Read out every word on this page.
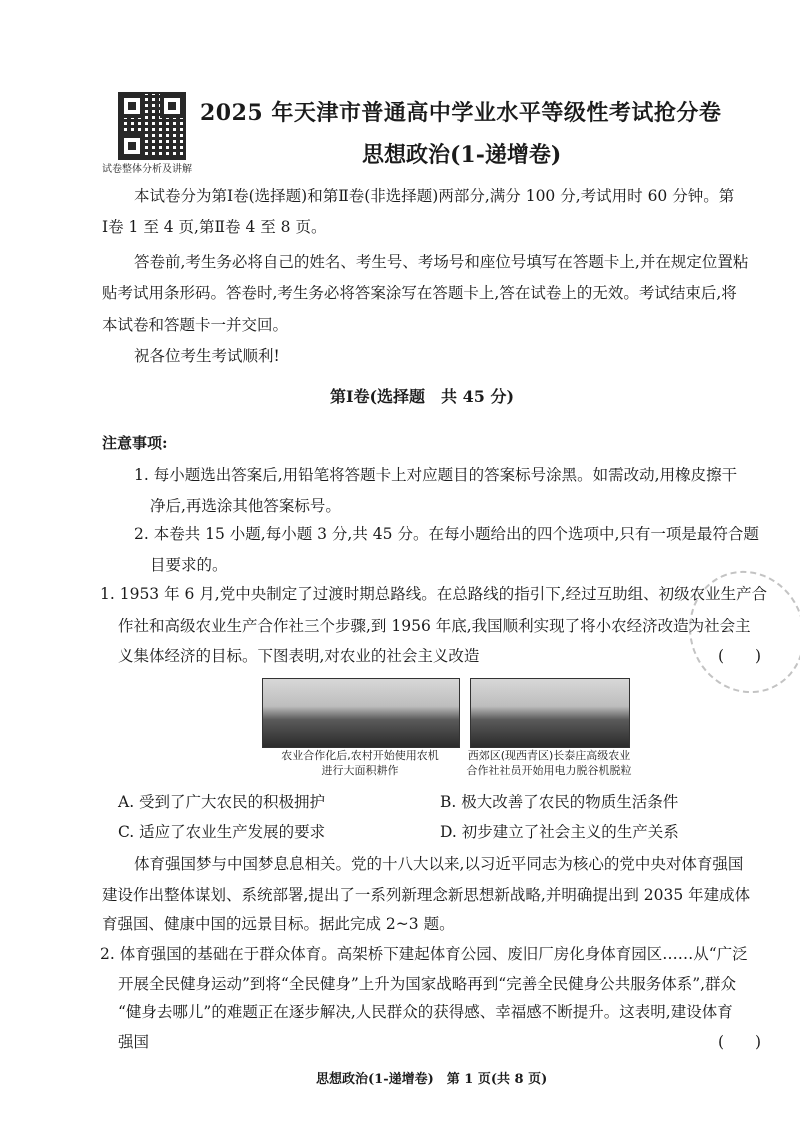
试卷整体分析及讲解
2025 年天津市普通高中学业水平等级性考试抢分卷
思想政治(1-递增卷)
本试卷分为第Ⅰ卷(选择题)和第Ⅱ卷(非选择题)两部分,满分 100 分,考试用时 60 分钟。第
Ⅰ卷 1 至 4 页,第Ⅱ卷 4 至 8 页。
答卷前,考生务必将自己的姓名、考生号、考场号和座位号填写在答题卡上,并在规定位置粘
贴考试用条形码。答卷时,考生务必将答案涂写在答题卡上,答在试卷上的无效。考试结束后,将
本试卷和答题卡一并交回。
祝各位考生考试顺利!
第Ⅰ卷(选择题　共 45 分)
注意事项:
1. 每小题选出答案后,用铅笔将答题卡上对应题目的答案标号涂黑。如需改动,用橡皮擦干
净后,再选涂其他答案标号。
2. 本卷共 15 小题,每小题 3 分,共 45 分。在每小题给出的四个选项中,只有一项是最符合题
目要求的。
1. 1953 年 6 月,党中央制定了过渡时期总路线。在总路线的指引下,经过互助组、初级农业生产合
作社和高级农业生产合作社三个步骤,到 1956 年底,我国顺利实现了将小农经济改造为社会主
义集体经济的目标。下图表明,对农业的社会主义改造	(　　)
农业合作化后,农村开始使用农机
进行大面积耕作
西郊区(现西青区)长泰庄高级农业
合作社社员开始用电力脱谷机脱粒
A. 受到了广大农民的积极拥护	B. 极大改善了农民的物质生活条件
C. 适应了农业生产发展的要求	D. 初步建立了社会主义的生产关系
体育强国梦与中国梦息息相关。党的十八大以来,以习近平同志为核心的党中央对体育强国
建设作出整体谋划、系统部署,提出了一系列新理念新思想新战略,并明确提出到 2035 年建成体
育强国、健康中国的远景目标。据此完成 2~3 题。
2. 体育强国的基础在于群众体育。高架桥下建起体育公园、废旧厂房化身体育园区……从“广泛
开展全民健身运动”到将“全民健身”上升为国家战略再到“完善全民健身公共服务体系”,群众
“健身去哪儿”的难题正在逐步解决,人民群众的获得感、幸福感不断提升。这表明,建设体育
强国	(　　)
思想政治(1-递增卷)　第 1 页(共 8 页)
